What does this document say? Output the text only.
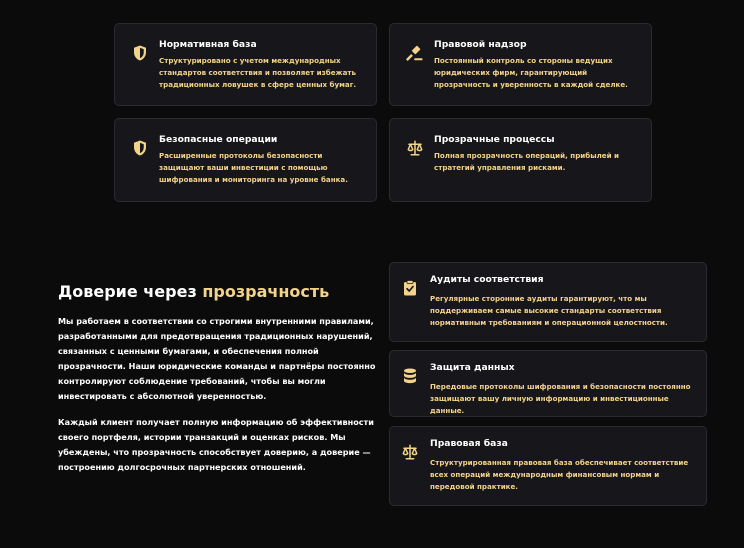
Нормативная база

Структурировано с учетом международных стандартов соответствия и позволяет избежать традиционных ловушек в сфере ценных бумаг.

Правовой надзор

Постоянный контроль со стороны ведущих юридических фирм, гарантирующий прозрачность и уверенность в каждой сделке.

Безопасные операции

Расширенные протоколы безопасности защищают ваши инвестиции с помощью шифрования и мониторинга на уровне банка.

Прозрачные процессы

Полная прозрачность операций, прибылей и стратегий управления рисками.

Доверие через прозрачность

Мы работаем в соответствии со строгими внутренними правилами, разработанными для предотвращения традиционных нарушений, связанных с ценными бумагами, и обеспечения полной прозрачности. Наши юридические команды и партнёры постоянно контролируют соблюдение требований, чтобы вы могли инвестировать с абсолютной уверенностью.

Каждый клиент получает полную информацию об эффективности своего портфеля, истории транзакций и оценках рисков. Мы убеждены, что прозрачность способствует доверию, а доверие — построению долгосрочных партнерских отношений.

Аудиты соответствия

Регулярные сторонние аудиты гарантируют, что мы поддерживаем самые высокие стандарты соответствия нормативным требованиям и операционной целостности.

Защита данных

Передовые протоколы шифрования и безопасности постоянно защищают вашу личную информацию и инвестиционные данные.

Правовая база

Структурированная правовая база обеспечивает соответствие всех операций международным финансовым нормам и передовой практике.
